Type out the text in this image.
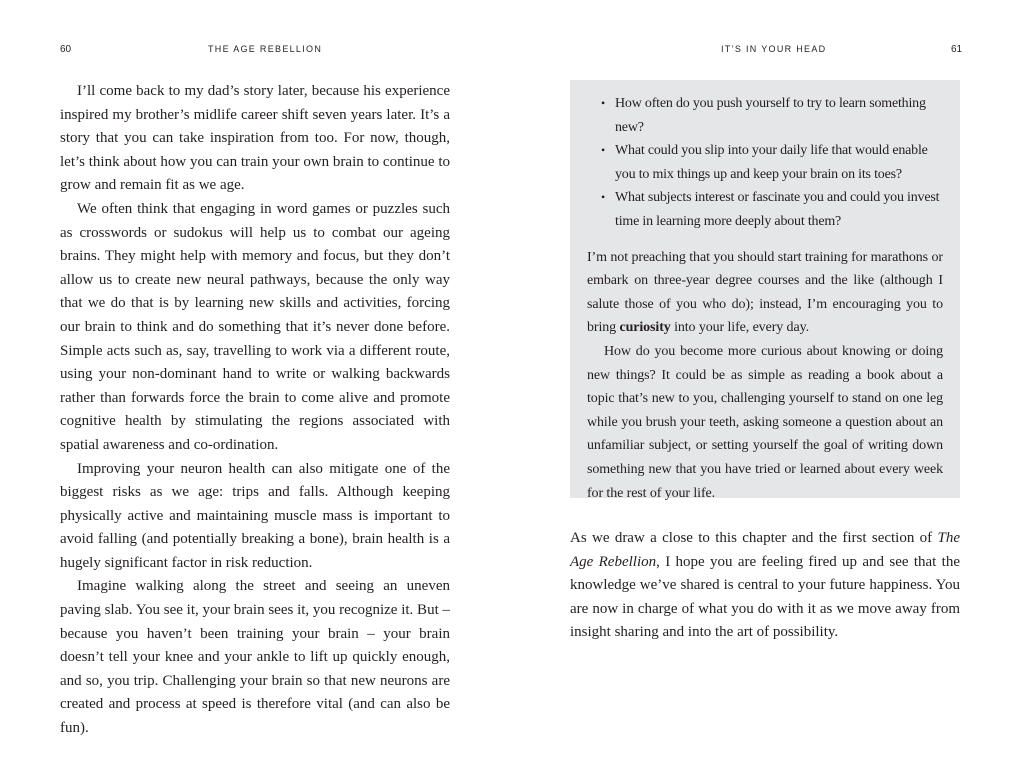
60	THE AGE REBELLION

I’ll come back to my dad’s story later, because his experience inspired my brother’s midlife career shift seven years later. It’s a story that you can take inspiration from too. For now, though, let’s think about how you can train your own brain to continue to grow and remain fit as we age.

We often think that engaging in word games or puzzles such as crosswords or sudokus will help us to combat our ageing brains. They might help with memory and focus, but they don’t allow us to create new neural pathways, because the only way that we do that is by learning new skills and activities, forcing our brain to think and do something that it’s never done before. Simple acts such as, say, travelling to work via a different route, using your non-dominant hand to write or walking backwards rather than forwards force the brain to come alive and promote cognitive health by stimulating the regions associated with spatial awareness and co-ordination.

Improving your neuron health can also mitigate one of the biggest risks as we age: trips and falls. Although keeping physically active and maintaining muscle mass is important to avoid falling (and potentially breaking a bone), brain health is a hugely significant factor in risk reduction.

Imagine walking along the street and seeing an uneven paving slab. You see it, your brain sees it, you recognize it. But – because you haven’t been training your brain – your brain doesn’t tell your knee and your ankle to lift up quickly enough, and so, you trip. Challenging your brain so that new neurons are created and process at speed is therefore vital (and can also be fun).

IT’S IN YOUR HEAD	61
• How often do you push yourself to try to learn something new?
• What could you slip into your daily life that would enable you to mix things up and keep your brain on its toes?
• What subjects interest or fascinate you and could you invest time in learning more deeply about them?

I’m not preaching that you should start training for marathons or embark on three-year degree courses and the like (although I salute those of you who do); instead, I’m encouraging you to bring curiosity into your life, every day.

How do you become more curious about knowing or doing new things? It could be as simple as reading a book about a topic that’s new to you, challenging yourself to stand on one leg while you brush your teeth, asking someone a question about an unfamiliar subject, or setting yourself the goal of writing down something new that you have tried or learned about every week for the rest of your life.

As we draw a close to this chapter and the first section of The Age Rebellion, I hope you are feeling fired up and see that the knowledge we’ve shared is central to your future happiness. You are now in charge of what you do with it as we move away from insight sharing and into the art of possibility.
